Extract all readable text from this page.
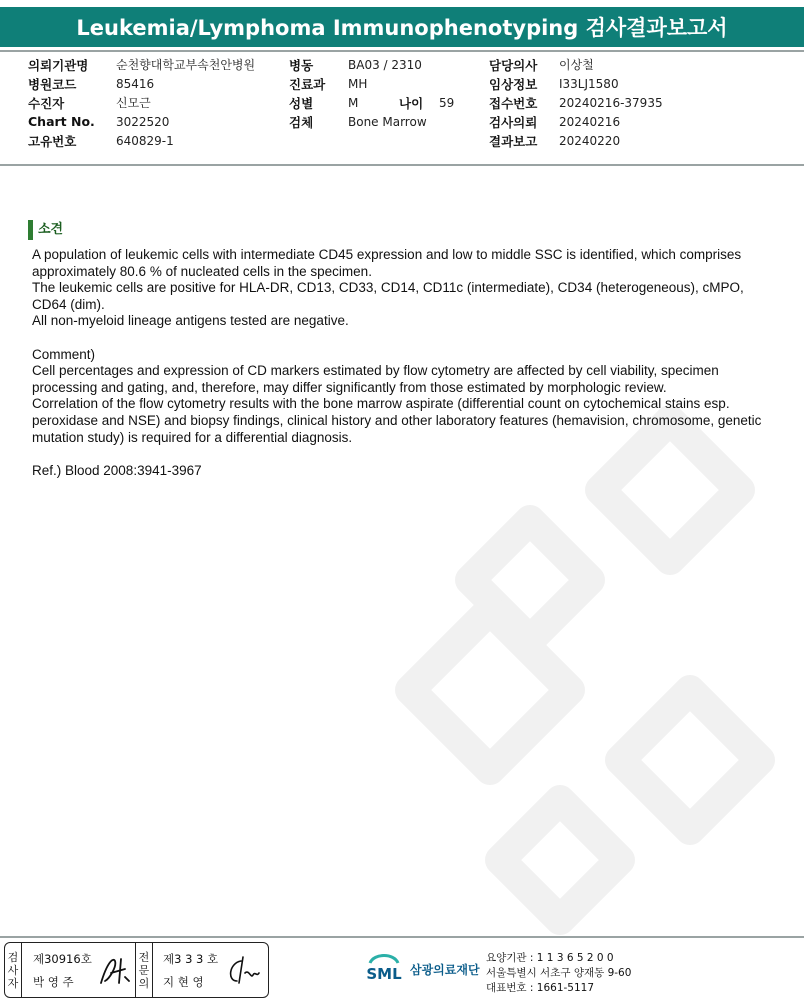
Leukemia/Lymphoma Immunophenotyping 검사결과보고서
의뢰기관명	순천향대학교부속천안병원
병원코드	85416
수진자	신모근
Chart No.	3022520
고유번호	640829-1
병동	BA03 / 2310
진료과	MH
성별	M	나이	59
검체	Bone Marrow
담당의사	이상철
임상정보	I33LJ1580
접수번호	20240216-37935
검사의뢰	20240216
결과보고	20240220
소견

A population of leukemic cells with intermediate CD45 expression and low to middle SSC is identified, which comprises approximately 80.6 % of nucleated cells in the specimen.

The leukemic cells are positive for HLA-DR, CD13, CD33, CD14, CD11c (intermediate), CD34 (heterogeneous), cMPO, CD64 (dim).

All non-myeloid lineage antigens tested are negative.

Comment)

Cell percentages and expression of CD markers estimated by flow cytometry are affected by cell viability, specimen processing and gating, and, therefore, may differ significantly from those estimated by morphologic review.

Correlation of the flow cytometry results with the bone marrow aspirate (differential count on cytochemical stains esp. peroxidase and NSE) and biopsy findings, clinical history and other laboratory features (hemavision, chromosome, genetic mutation study) is required for a differential diagnosis.

Ref.) Blood 2008:3941-3967

검
사
자
제30916호
박 영 주
전
문
의
제3 3 3 호
지 현 영	SML 삼광의료재단
요양기관 : 1 1 3 6 5 2 0 0
서울특별시 서초구 양재동 9-60
대표번호 : 1661-5117
